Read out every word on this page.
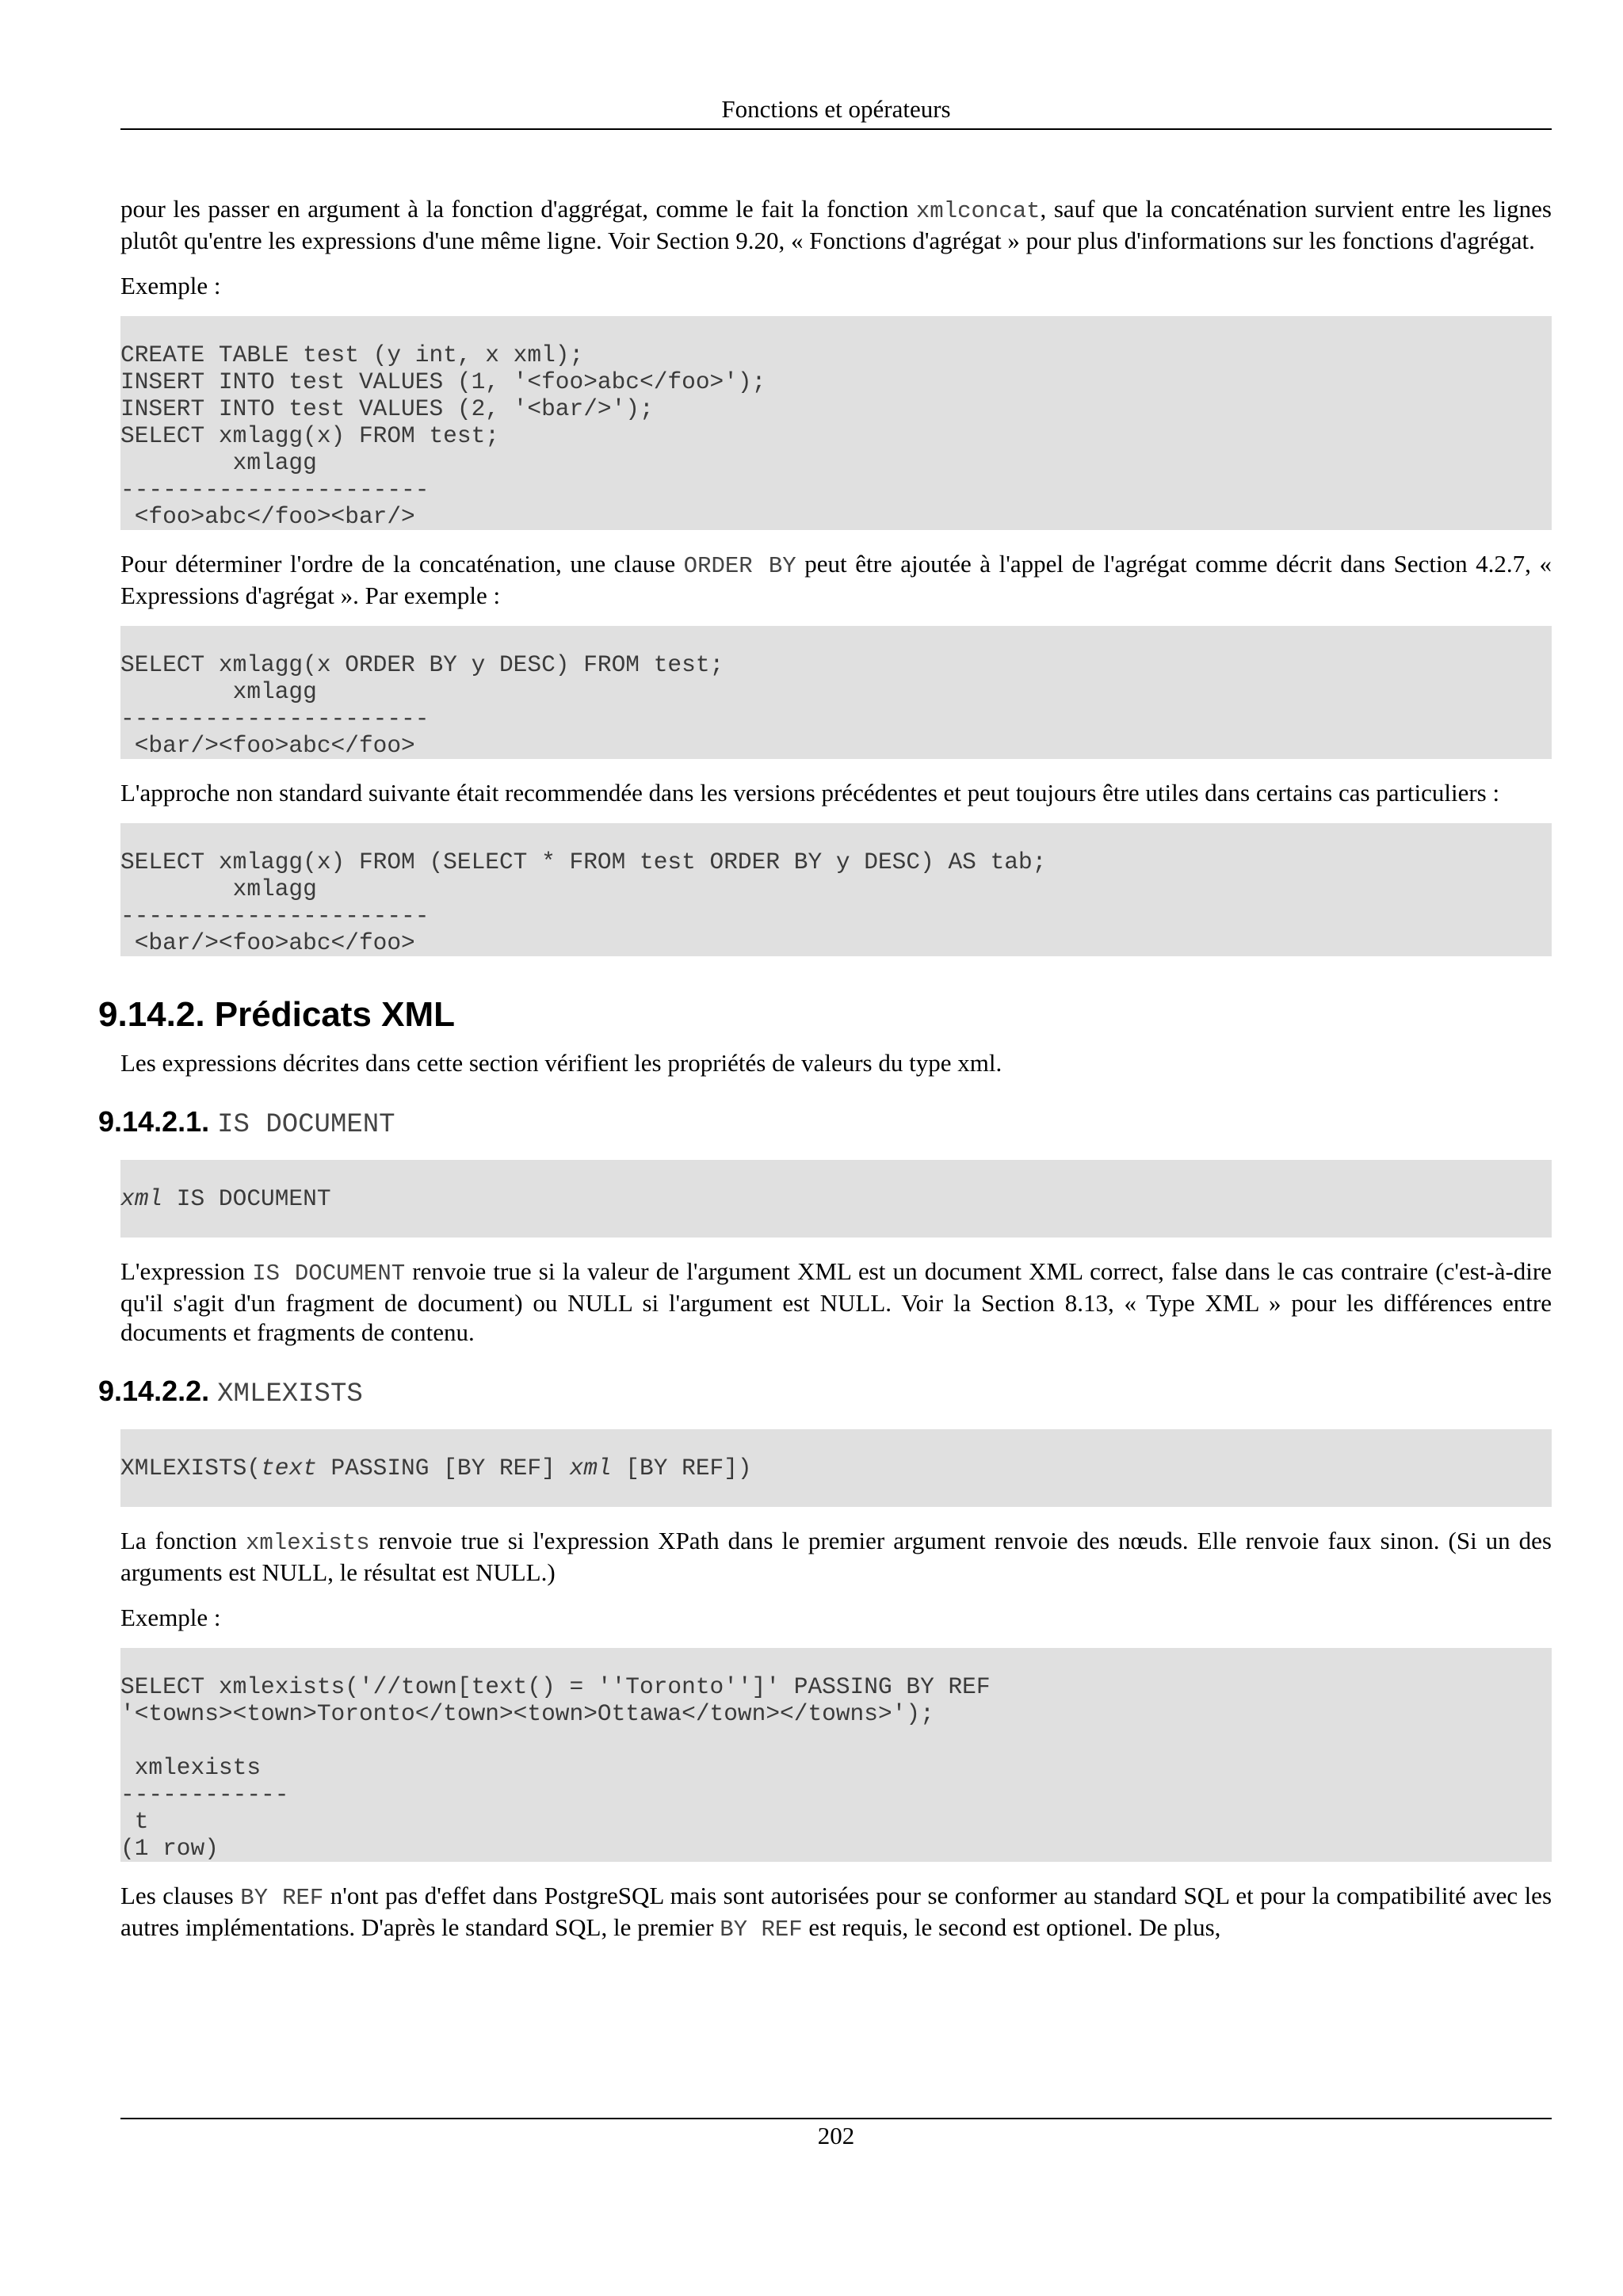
Fonctions et opérateurs

pour les passer en argument à la fonction d'aggrégat, comme le fait la fonction xmlconcat, sauf que la concaténation survient entre les lignes plutôt qu'entre les expressions d'une même ligne. Voir Section 9.20, « Fonctions d'agrégat » pour plus d'informations sur les fonctions d'agrégat.

Exemple :

CREATE TABLE test (y int, x xml);
INSERT INTO test VALUES (1, '<foo>abc</foo>');
INSERT INTO test VALUES (2, '<bar/>');
SELECT xmlagg(x) FROM test;
xmlagg
----------------------
<foo>abc</foo><bar/>

Pour déterminer l'ordre de la concaténation, une clause ORDER BY peut être ajoutée à l'appel de l'agrégat comme décrit dans Section 4.2.7, « Expressions d'agrégat ». Par exemple :

SELECT xmlagg(x ORDER BY y DESC) FROM test;
xmlagg
----------------------
<bar/><foo>abc</foo>

L'approche non standard suivante était recommendée dans les versions précédentes et peut toujours être utiles dans certains cas particuliers :

SELECT xmlagg(x) FROM (SELECT * FROM test ORDER BY y DESC) AS tab;
xmlagg
----------------------
<bar/><foo>abc</foo>
9.14.2. Prédicats XML

Les expressions décrites dans cette section vérifient les propriétés de valeurs du type xml.

9.14.2.1. IS DOCUMENT
xml IS DOCUMENT

L'expression IS DOCUMENT renvoie true si la valeur de l'argument XML est un document XML correct, false dans le cas contraire (c'est-à-dire qu'il s'agit d'un fragment de document) ou NULL si l'argument est NULL. Voir la Section 8.13, « Type XML » pour les différences entre documents et fragments de contenu.

9.14.2.2. XMLEXISTS
XMLEXISTS(text PASSING [BY REF] xml [BY REF])

La fonction xmlexists renvoie true si l'expression XPath dans le premier argument renvoie des nœuds. Elle renvoie faux sinon. (Si un des arguments est NULL, le résultat est NULL.)

Exemple :

SELECT xmlexists('//town[text() = ''Toronto'']' PASSING BY REF
'<towns><town>Toronto</town><town>Ottawa</town></towns>');

xmlexists
------------
t
(1 row)

Les clauses BY REF n'ont pas d'effet dans PostgreSQL mais sont autorisées pour se conformer au standard SQL et pour la compatibilité avec les autres implémentations. D'après le standard SQL, le premier BY REF est requis, le second est optionel. De plus,

202
